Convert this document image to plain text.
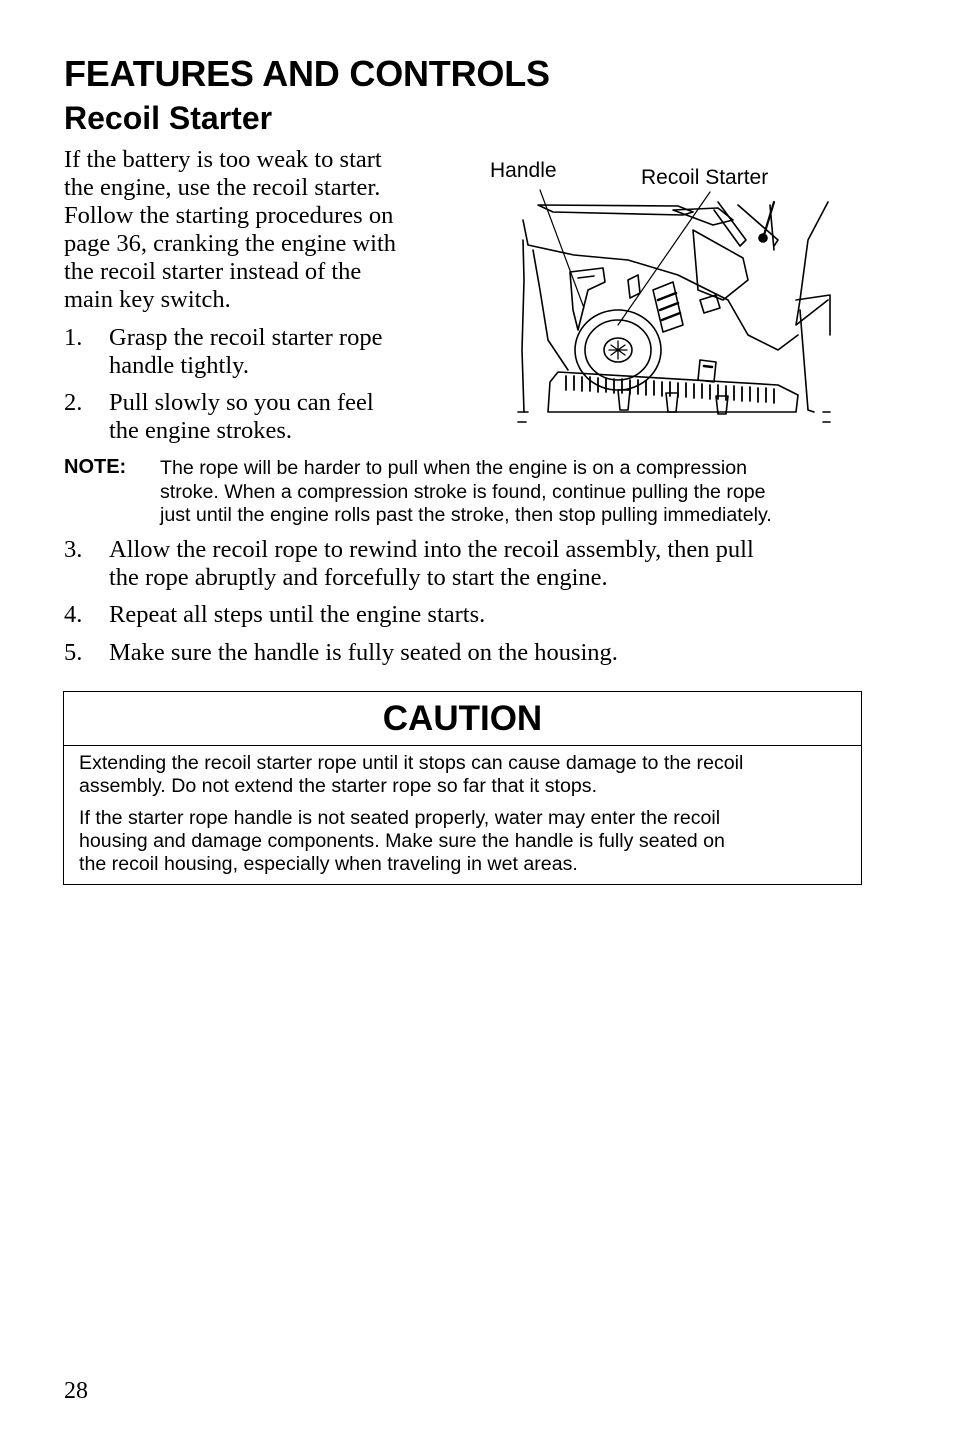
FEATURES AND CONTROLS
Recoil Starter
If the battery is too weak to start
the engine, use the recoil starter.
Follow the starting procedures on
page 36, cranking the engine with
the recoil starter instead of the
main key switch.
1. Grasp the recoil starter rope
handle tightly.
2. Pull slowly so you can feel
the engine strokes.
NOTE: The rope will be harder to pull when the engine is on a compression
stroke. When a compression stroke is found, continue pulling the rope
just until the engine rolls past the stroke, then stop pulling immediately.
3. Allow the recoil rope to rewind into the recoil assembly, then pull
the rope abruptly and forcefully to start the engine.
4. Repeat all steps until the engine starts.
5. Make sure the handle is fully seated on the housing.
CAUTION

Extending the recoil starter rope until it stops can cause damage to the recoil
assembly. Do not extend the starter rope so far that it stops.

If the starter rope handle is not seated properly, water may enter the recoil
housing and damage components. Make sure the handle is fully seated on
the recoil housing, especially when traveling in wet areas.

Handle	Recoil Starter
28
